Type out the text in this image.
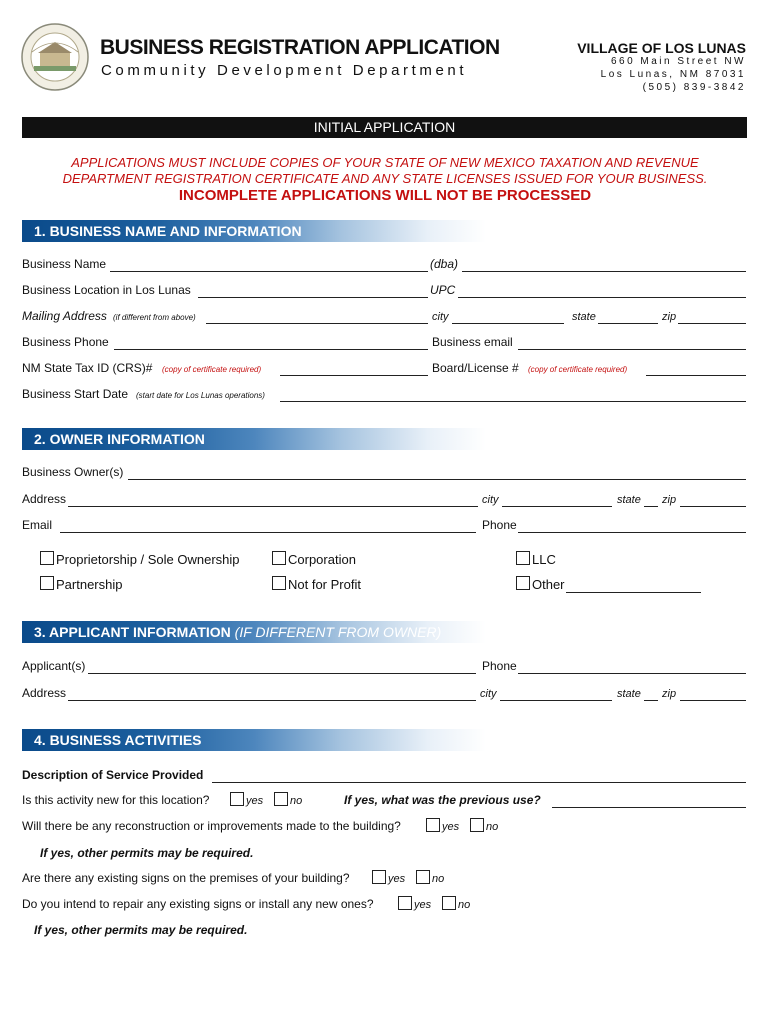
BUSINESS REGISTRATION APPLICATION
Community Development Department
VILLAGE OF LOS LUNAS
660 Main Street NW
Los Lunas, NM 87031
(505) 839-3842
INITIAL APPLICATION
APPLICATIONS MUST INCLUDE COPIES OF YOUR STATE OF NEW MEXICO TAXATION AND REVENUE
DEPARTMENT REGISTRATION CERTIFICATE AND ANY STATE LICENSES ISSUED FOR YOUR BUSINESS.
INCOMPLETE APPLICATIONS WILL NOT BE PROCESSED
1. BUSINESS NAME AND INFORMATION
Business Name	(dba)
Business Location in Los Lunas	UPC
Mailing Address (if different from above)	city	state	zip
Business Phone	Business email
NM State Tax ID (CRS)# (copy of certificate required)	Board/License # (copy of certificate required)
Business Start Date (start date for Los Lunas operations)
2. OWNER INFORMATION
Business Owner(s)
Address	city	state zip
Email	Phone
Proprietorship / Sole Ownership	Corporation	LLC
Partnership	Not for Profit	Other
3. APPLICANT INFORMATION (IF DIFFERENT FROM OWNER)
Applicant(s)	Phone
Address	city	state zip
4. BUSINESS ACTIVITIES
Description of Service Provided
Is this activity new for this location?	yes no	If yes, what was the previous use?
Will there be any reconstruction or improvements made to the building?	yes no
If yes, other permits may be required.
Are there any existing signs on the premises of your building?	yes no
Do you intend to repair any existing signs or install any new ones?	yes no
If yes, other permits may be required.
